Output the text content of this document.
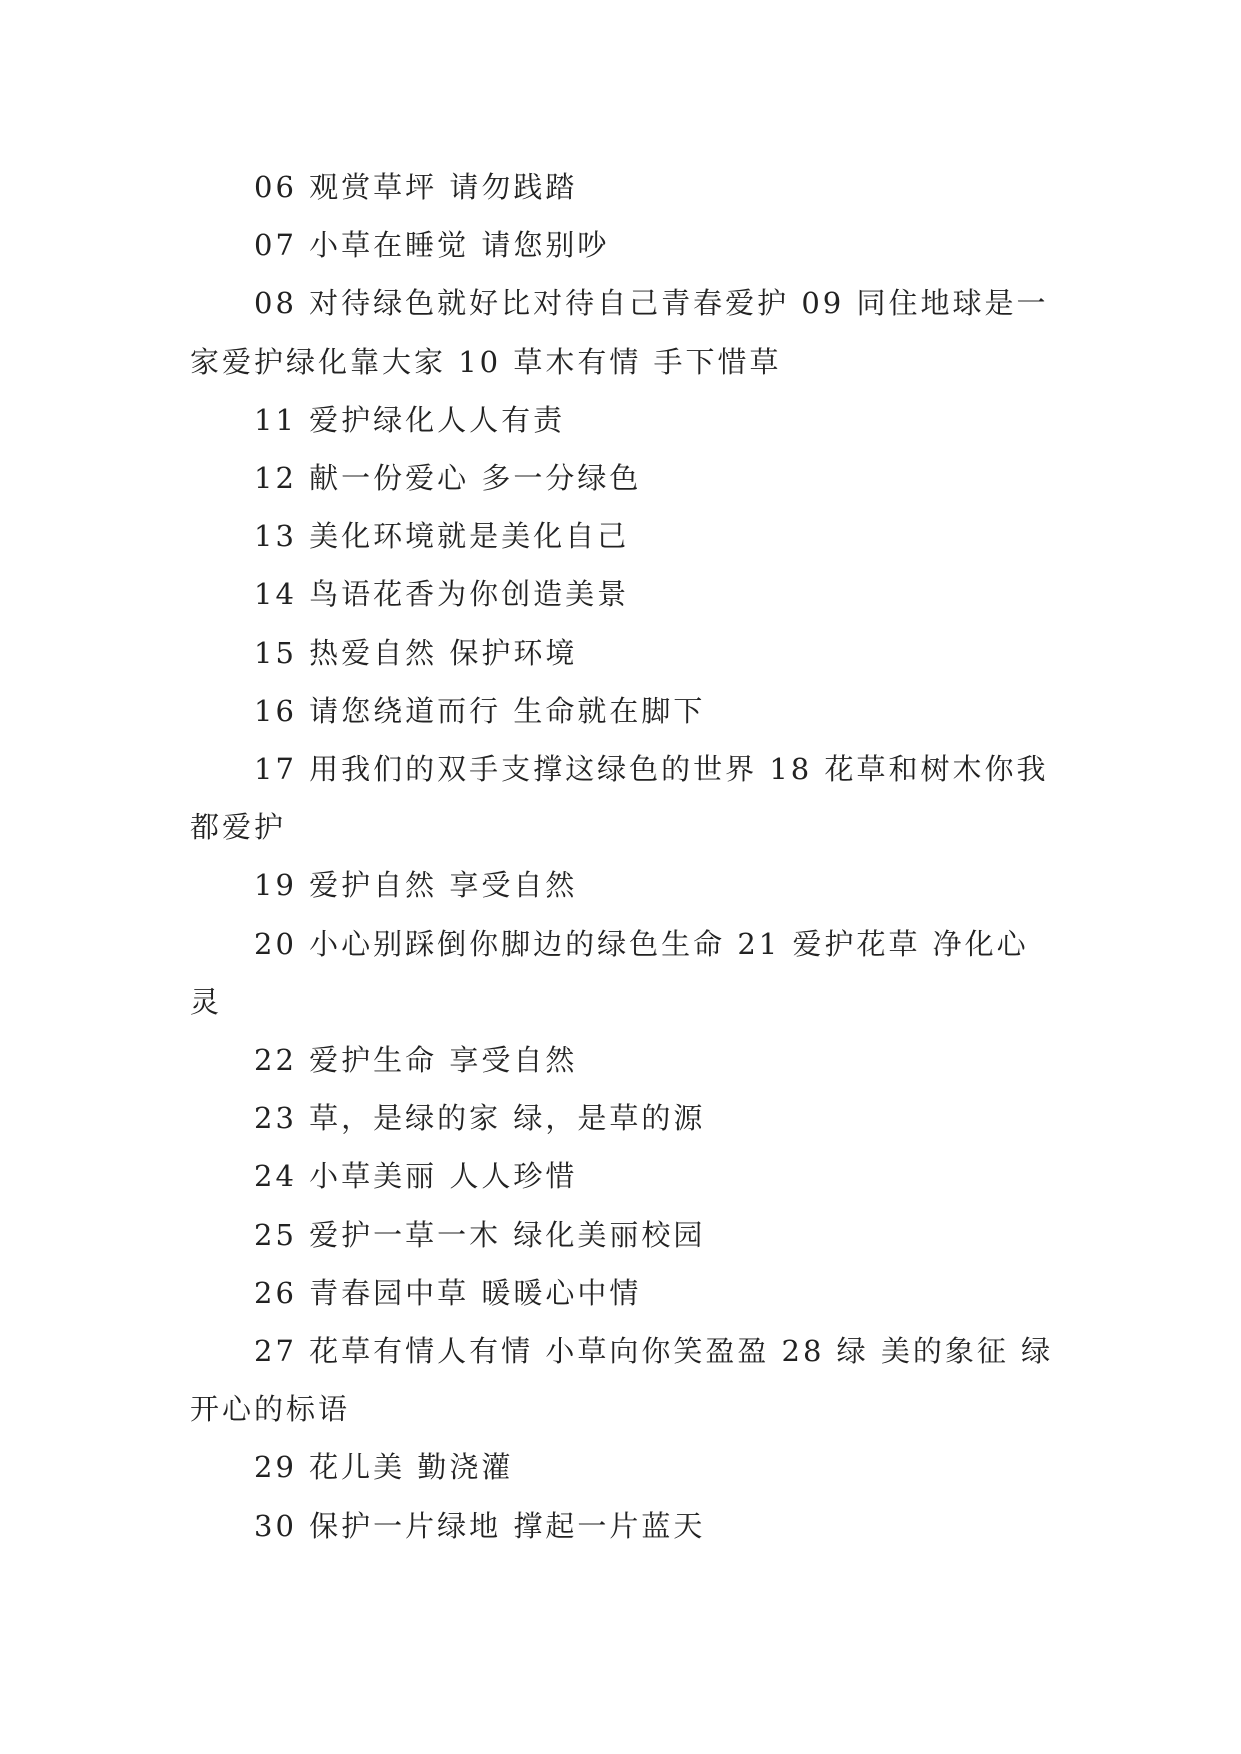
06 观赏草坪 请勿践踏

07 小草在睡觉 请您别吵

08 对待绿色就好比对待自己青春爱护 09 同住地球是一家爱护绿化靠大家 10 草木有情 手下惜草

11 爱护绿化人人有责

12 献一份爱心 多一分绿色

13 美化环境就是美化自己

14 鸟语花香为你创造美景

15 热爱自然 保护环境

16 请您绕道而行 生命就在脚下

17 用我们的双手支撑这绿色的世界 18 花草和树木你我都爱护

19 爱护自然 享受自然

20 小心别踩倒你脚边的绿色生命 21 爱护花草 净化心灵

22 爱护生命 享受自然

23 草，是绿的家 绿，是草的源

24 小草美丽 人人珍惜

25 爱护一草一木 绿化美丽校园

26 青春园中草 暖暖心中情

27 花草有情人有情 小草向你笑盈盈 28 绿 美的象征 绿 开心的标语

29 花儿美 勤浇灌

30 保护一片绿地 撑起一片蓝天
